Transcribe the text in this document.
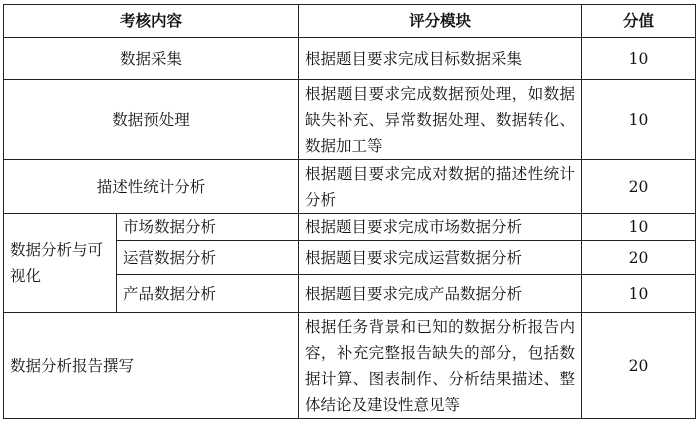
考核内容		评分模块	分值
数据采集		根据题目要求完成目标数据采集	10
数据预处理		根据题目要求完成数据预处理，如数据缺失补充、异常数据处理、数据转化、数据加工等	10
描述性统计分析		根据题目要求完成对数据的描述性统计分析	20
数据分析与可视化	市场数据分析	根据题目要求完成市场数据分析	10
	运营数据分析	根据题目要求完成运营数据分析	20
	产品数据分析	根据题目要求完成产品数据分析	10
数据分析报告撰写		根据任务背景和已知的数据分析报告内容，补充完整报告缺失的部分，包括数据计算、图表制作、分析结果描述、整体结论及建设性意见等	20
